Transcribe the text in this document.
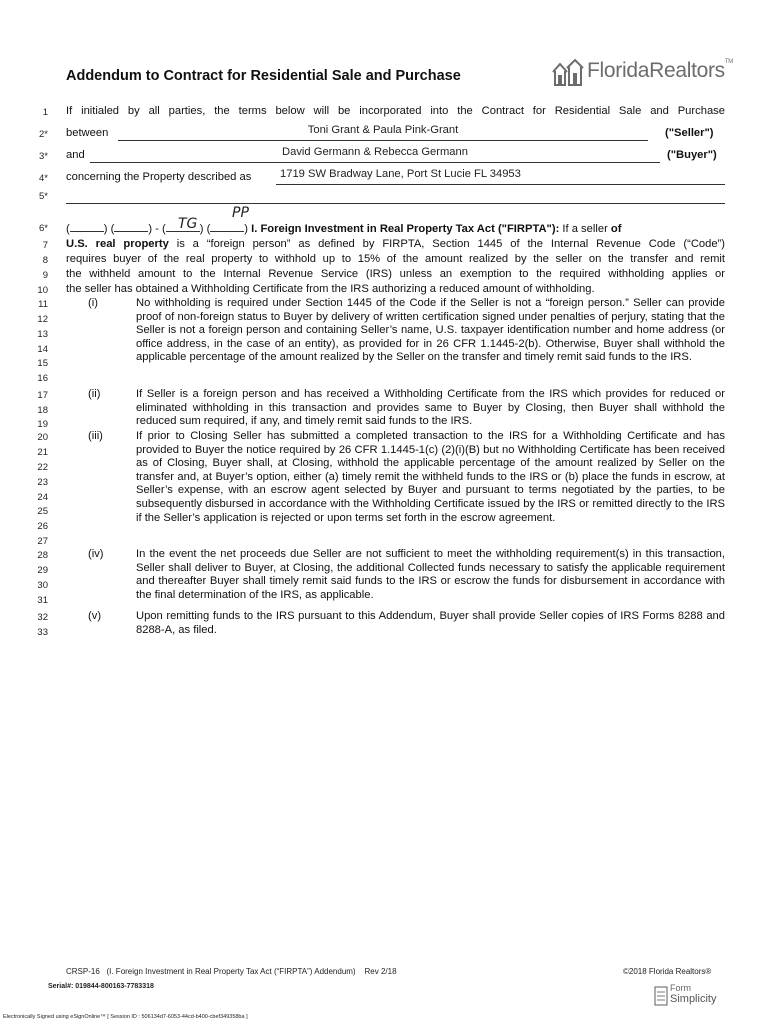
Addendum to Contract for Residential Sale and Purchase	FloridaRealtors™
1
2*
3*
4*
5*
6*
7
8
9
10
11
12
13
14
15
16
17
18
19
20
21
22
23
24
25
26
27
28
29
30
31
32
33
If initialed by all parties, the terms below will be incorporated into the Contract for Residential Sale and Purchase
between	Toni Grant & Paula Pink-Grant	("Seller")
and	David Germann & Rebecca Germann	("Buyer")
concerning the Property described as	1719 SW Bradway Lane, Port St Lucie FL 34953
(	) (	) - (	) (	) I. Foreign Investment in Real Property Tax Act ("FIRPTA"): If a seller of
TG
PP
U.S. real property is a “foreign person” as defined by FIRPTA, Section 1445 of the Internal Revenue Code (“Code”)
requires buyer of the real property to withhold up to 15% of the amount realized by the seller on the transfer and remit
the withheld amount to the Internal Revenue Service (IRS) unless an exemption to the required withholding applies or
the seller has obtained a Withholding Certificate from the IRS authorizing a reduced amount of withholding.
(i)	No withholding is required under Section 1445 of the Code if the Seller is not a “foreign person.” Seller can provide proof of non-foreign status to Buyer by delivery of written certification signed under penalties of perjury, stating that the Seller is not a foreign person and containing Seller’s name, U.S. taxpayer identification number and home address (or office address, in the case of an entity), as provided for in 26 CFR 1.1445-2(b). Otherwise, Buyer shall withhold the applicable percentage of the amount realized by the Seller on the transfer and timely remit said funds to the IRS.
(ii)	If Seller is a foreign person and has received a Withholding Certificate from the IRS which provides for reduced or eliminated withholding in this transaction and provides same to Buyer by Closing, then Buyer shall withhold the reduced sum required, if any, and timely remit said funds to the IRS.
(iii)	If prior to Closing Seller has submitted a completed transaction to the IRS for a Withholding Certificate and has provided to Buyer the notice required by 26 CFR 1.1445-1(c) (2)(i)(B) but no Withholding Certificate has been received as of Closing, Buyer shall, at Closing, withhold the applicable percentage of the amount realized by Seller on the transfer and, at Buyer’s option, either (a) timely remit the withheld funds to the IRS or (b) place the funds in escrow, at Seller’s expense, with an escrow agent selected by Buyer and pursuant to terms negotiated by the parties, to be subsequently disbursed in accordance with the Withholding Certificate issued by the IRS or remitted directly to the IRS if the Seller’s application is rejected or upon terms set forth in the escrow agreement.
(iv)	In the event the net proceeds due Seller are not sufficient to meet the withholding requirement(s) in this transaction, Seller shall deliver to Buyer, at Closing, the additional Collected funds necessary to satisfy the applicable requirement and thereafter Buyer shall timely remit said funds to the IRS or escrow the funds for disbursement in accordance with the final determination of the IRS, as applicable.
(v)	Upon remitting funds to the IRS pursuant to this Addendum, Buyer shall provide Seller copies of IRS Forms 8288 and 8288-A, as filed.
CRSP-16 (I. Foreign Investment in Real Property Tax Act (“FIRPTA”) Addendum) Rev 2/18	©2018 Florida Realtors®
Serial#: 019844-800163-7783318
Electronically Signed using eSignOnline™ [ Session ID : 506134d7-6053-44cd-b400-cbef349358ba ]
Form
Simplicity
